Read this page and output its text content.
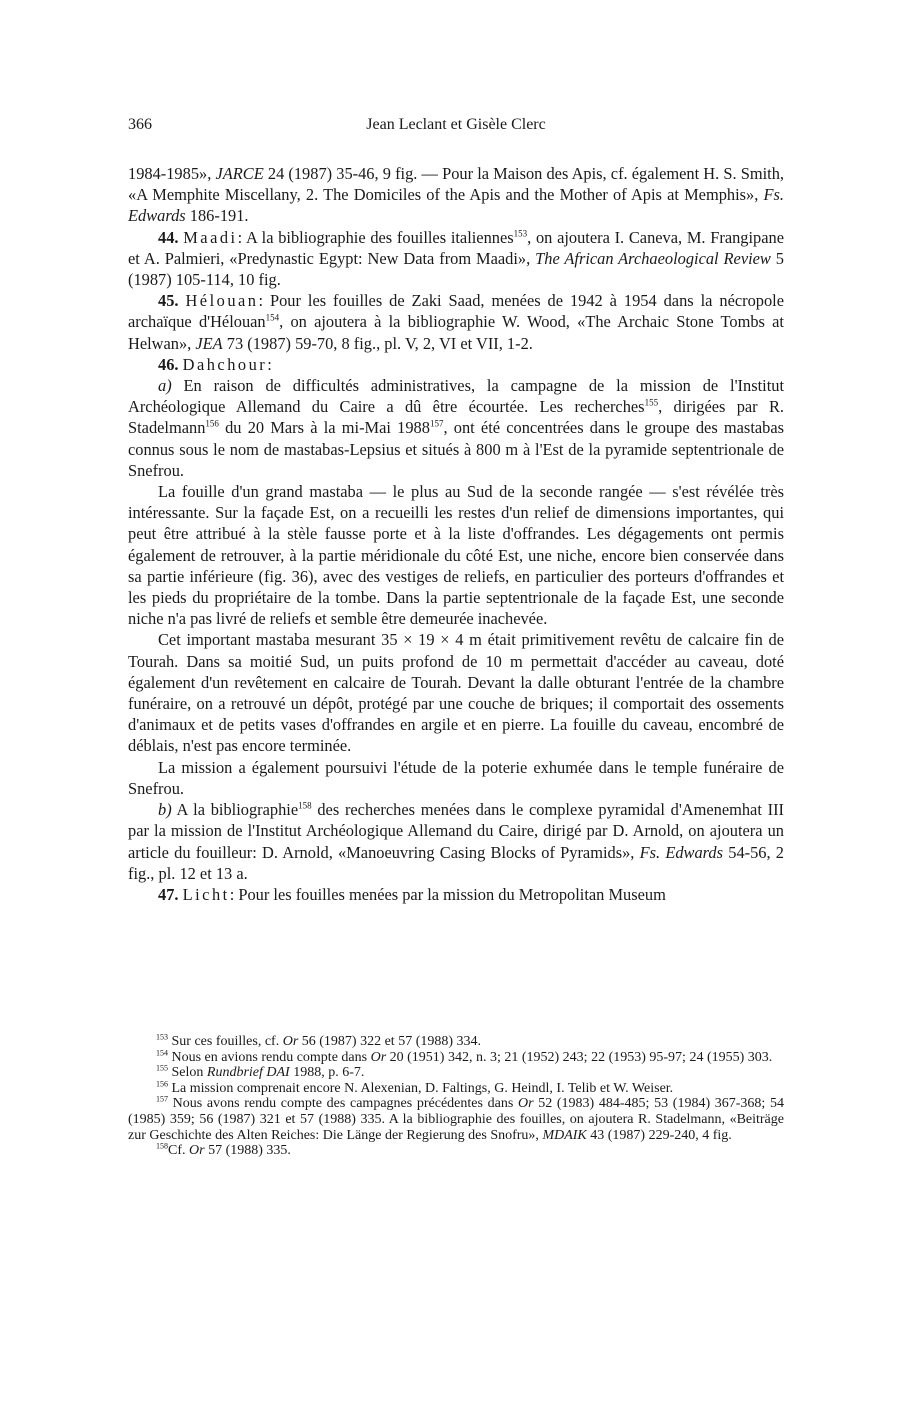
366	Jean Leclant et Gisèle Clerc

1984-1985», JARCE 24 (1987) 35-46, 9 fig. — Pour la Maison des Apis, cf. également H. S. Smith, «A Memphite Miscellany, 2. The Domiciles of the Apis and the Mother of Apis at Memphis», Fs. Edwards 186-191.

44. Maadi: A la bibliographie des fouilles italiennes$^{153}$, on ajoutera I. Caneva, M. Frangipane et A. Palmieri, «Predynastic Egypt: New Data from Maadi», The African Archaeological Review 5 (1987) 105-114, 10 fig.

45. Hélouan: Pour les fouilles de Zaki Saad, menées de 1942 à 1954 dans la nécropole archaïque d'Hélouan$^{154}$, on ajoutera à la bibliographie W. Wood, «The Archaic Stone Tombs at Helwan», JEA 73 (1987) 59-70, 8 fig., pl. V, 2, VI et VII, 1-2.

46. Dahchour:

a) En raison de difficultés administratives, la campagne de la mission de l'Institut Archéologique Allemand du Caire a dû être écourtée. Les recherches$^{155}$, dirigées par R. Stadelmann$^{156}$ du 20 Mars à la mi-Mai 1988$^{157}$, ont été concentrées dans le groupe des mastabas connus sous le nom de mastabas-Lepsius et situés à 800 m à l'Est de la pyramide septentrionale de Snefrou.

La fouille d'un grand mastaba — le plus au Sud de la seconde rangée — s'est révélée très intéressante. Sur la façade Est, on a recueilli les restes d'un relief de dimensions importantes, qui peut être attribué à la stèle fausse porte et à la liste d'offrandes. Les dégagements ont permis également de retrouver, à la partie méridionale du côté Est, une niche, encore bien conservée dans sa partie inférieure (fig. 36), avec des vestiges de reliefs, en particulier des porteurs d'offrandes et les pieds du propriétaire de la tombe. Dans la partie septentrionale de la façade Est, une seconde niche n'a pas livré de reliefs et semble être demeurée inachevée.

Cet important mastaba mesurant 35 × 19 × 4 m était primitivement revêtu de calcaire fin de Tourah. Dans sa moitié Sud, un puits profond de 10 m permettait d'accéder au caveau, doté également d'un revêtement en calcaire de Tourah. Devant la dalle obturant l'entrée de la chambre funéraire, on a retrouvé un dépôt, protégé par une couche de briques; il comportait des ossements d'animaux et de petits vases d'offrandes en argile et en pierre. La fouille du caveau, encombré de déblais, n'est pas encore terminée.

La mission a également poursuivi l'étude de la poterie exhumée dans le temple funéraire de Snefrou.

b) A la bibliographie$^{158}$ des recherches menées dans le complexe pyramidal d'Amenemhat III par la mission de l'Institut Archéologique Allemand du Caire, dirigé par D. Arnold, on ajoutera un article du fouilleur: D. Arnold, «Manoeuvring Casing Blocks of Pyramids», Fs. Edwards 54-56, 2 fig., pl. 12 et 13 a.

47. Licht: Pour les fouilles menées par la mission du Metropolitan Museum

$^{153}$ Sur ces fouilles, cf. Or 56 (1987) 322 et 57 (1988) 334.

$^{154}$ Nous en avions rendu compte dans Or 20 (1951) 342, n. 3; 21 (1952) 243; 22 (1953) 95-97; 24 (1955) 303.

$^{155}$ Selon Rundbrief DAI 1988, p. 6-7.

$^{156}$ La mission comprenait encore N. Alexenian, D. Faltings, G. Heindl, I. Telib et W. Weiser.

$^{157}$ Nous avons rendu compte des campagnes précédentes dans Or 52 (1983) 484-485; 53 (1984) 367-368; 54 (1985) 359; 56 (1987) 321 et 57 (1988) 335. A la bibliographie des fouilles, on ajoutera R. Stadelmann, «Beiträge zur Geschichte des Alten Reiches: Die Länge der Regierung des Snofru», MDAIK 43 (1987) 229-240, 4 fig.

$^{158}$Cf. Or 57 (1988) 335.
